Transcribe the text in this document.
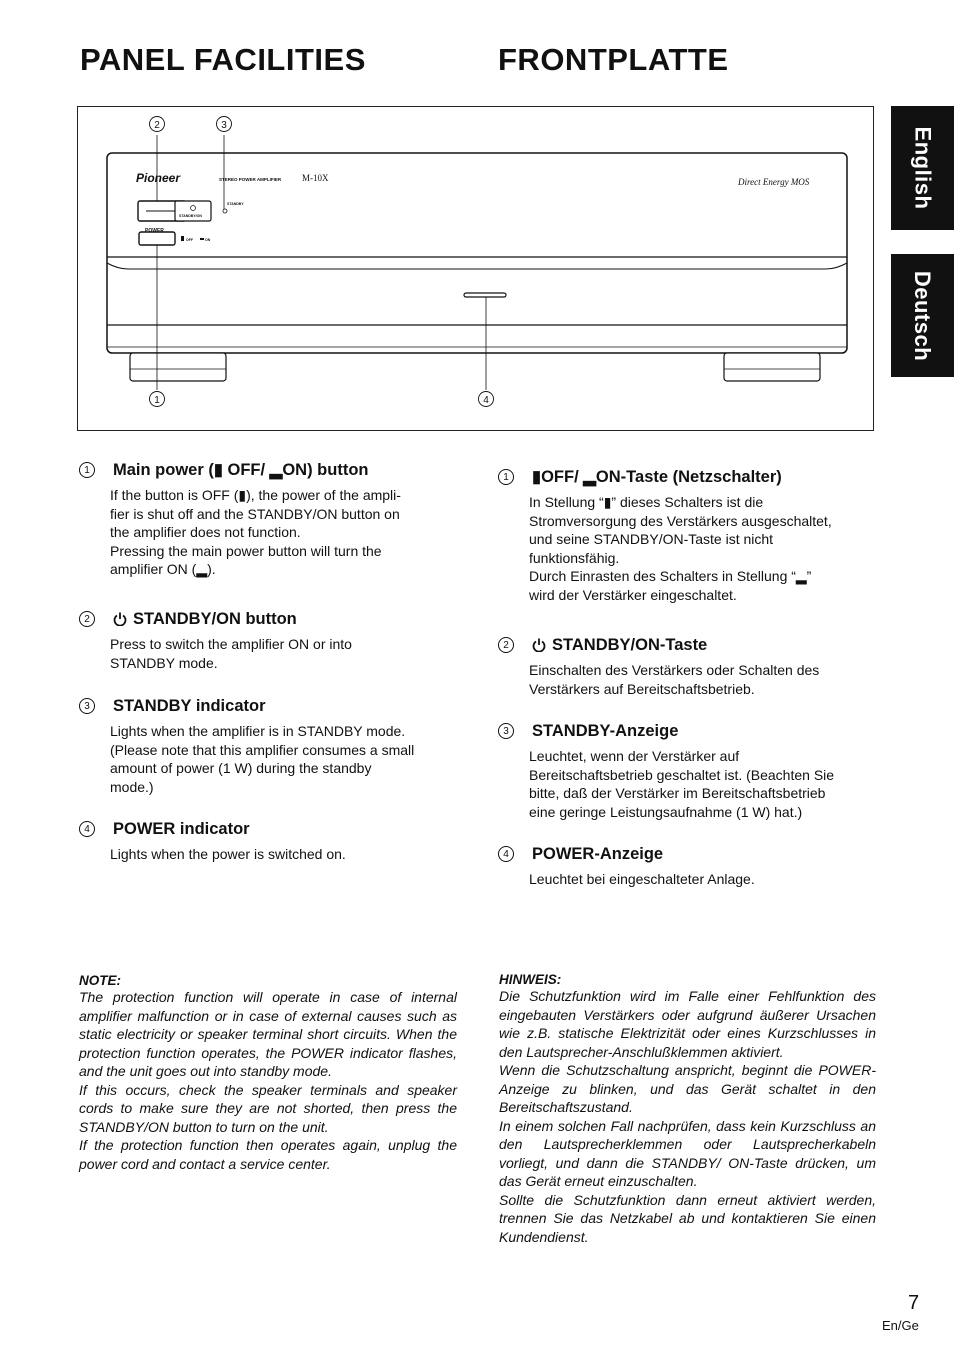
PANEL FACILITIES	FRONTPLATTE
English
Deutsch
2	3
1	4
Pioneer	STEREO POWER AMPLIFIER M-10X	Direct Energy MOS
STANDBY/ON
STANDBY
POWER
OFF	ON
1	Main power (▮ OFF/ ▂ON) button
If the button is OFF (▮), the power of the ampli-
fier is shut off and the STANDBY/ON button on
the amplifier does not function.
Pressing the main power button will turn the
amplifier ON (▂).
2	STANDBY/ON button
Press to switch the amplifier ON or into
STANDBY mode.
3	STANDBY indicator
Lights when the amplifier is in STANDBY mode.
(Please note that this amplifier consumes a small
amount of power (1 W) during the standby
mode.)
4	POWER indicator
Lights when the power is switched on.
1	▮OFF/ ▂ON-Taste (Netzschalter)
In Stellung “▮” dieses Schalters ist die
Stromversorgung des Verstärkers ausgeschaltet,
und seine STANDBY/ON-Taste ist nicht
funktionsfähig.
Durch Einrasten des Schalters in Stellung “▂”
wird der Verstärker eingeschaltet.
2	STANDBY/ON-Taste
Einschalten des Verstärkers oder Schalten des
Verstärkers auf Bereitschaftsbetrieb.
3	STANDBY-Anzeige
Leuchtet, wenn der Verstärker auf
Bereitschaftsbetrieb geschaltet ist. (Beachten Sie
bitte, daß der Verstärker im Bereitschaftsbetrieb
eine geringe Leistungsaufnahme (1 W) hat.)
4	POWER-Anzeige
Leuchtet bei eingeschalteter Anlage.
NOTE:
The protection function will operate in case of internal amplifier malfunction or in case of external causes such as static electricity or speaker terminal short circuits. When the protection function operates, the POWER indicator flashes, and the unit goes out into standby mode.
If this occurs, check the speaker terminals and speaker cords to make sure they are not shorted, then press the STANDBY/ON button to turn on the unit.
If the protection function then operates again, unplug the power cord and contact a service center.
HINWEIS:
Die Schutzfunktion wird im Falle einer Fehlfunktion des eingebauten Verstärkers oder aufgrund äußerer Ursachen wie z.B. statische Elektrizität oder eines Kurzschlusses in den Lautsprecher-Anschlußklemmen aktiviert.
Wenn die Schutzschaltung anspricht, beginnt die POWER-Anzeige zu blinken, und das Gerät schaltet in den Bereitschaftszustand.
In einem solchen Fall nachprüfen, dass kein Kurzschluss an den Lautsprecherklemmen oder Lautsprecherkabeln vorliegt, und dann die STANDBY/ ON-Taste drücken, um das Gerät erneut einzuschalten.
Sollte die Schutzfunktion dann erneut aktiviert werden, trennen Sie das Netzkabel ab und kontaktieren Sie einen Kundendienst.
7
En/Ge
